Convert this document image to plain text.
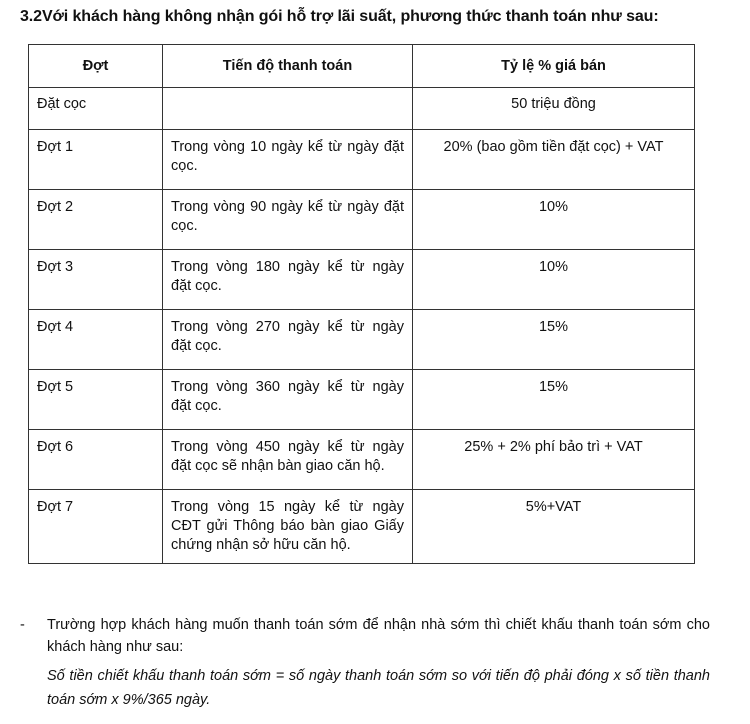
3.2Với khách hàng không nhận gói hỗ trợ lãi suất, phương thức thanh toán như sau:
Đợt	Tiến độ thanh toán	Tỷ lệ % giá bán
Đặt cọc		50 triệu đồng
Đợt 1	Trong vòng 10 ngày kể từ ngày đặt cọc.	20% (bao gồm tiền đặt cọc) + VAT
Đợt 2	Trong vòng 90 ngày kể từ ngày đặt cọc.	10%
Đợt 3	Trong vòng 180 ngày kể từ ngày đặt cọc.	10%
Đợt 4	Trong vòng 270 ngày kể từ ngày đặt cọc.	15%
Đợt 5	Trong vòng 360 ngày kể từ ngày đặt cọc.	15%
Đợt 6	Trong vòng 450 ngày kể từ ngày đặt cọc sẽ nhận bàn giao căn hộ.	25% + 2% phí bảo trì + VAT
Đợt 7	Trong vòng 15 ngày kể từ ngày CĐT gửi Thông báo bàn giao Giấy chứng nhận sở hữu căn hộ.	5%+VAT
- Trường hợp khách hàng muốn thanh toán sớm để nhận nhà sớm thì chiết khấu thanh toán sớm cho khách hàng như sau:
Số tiền chiết khấu thanh toán sớm = số ngày thanh toán sớm so với tiến độ phải đóng x số tiền thanh toán sớm x 9%/365 ngày.
